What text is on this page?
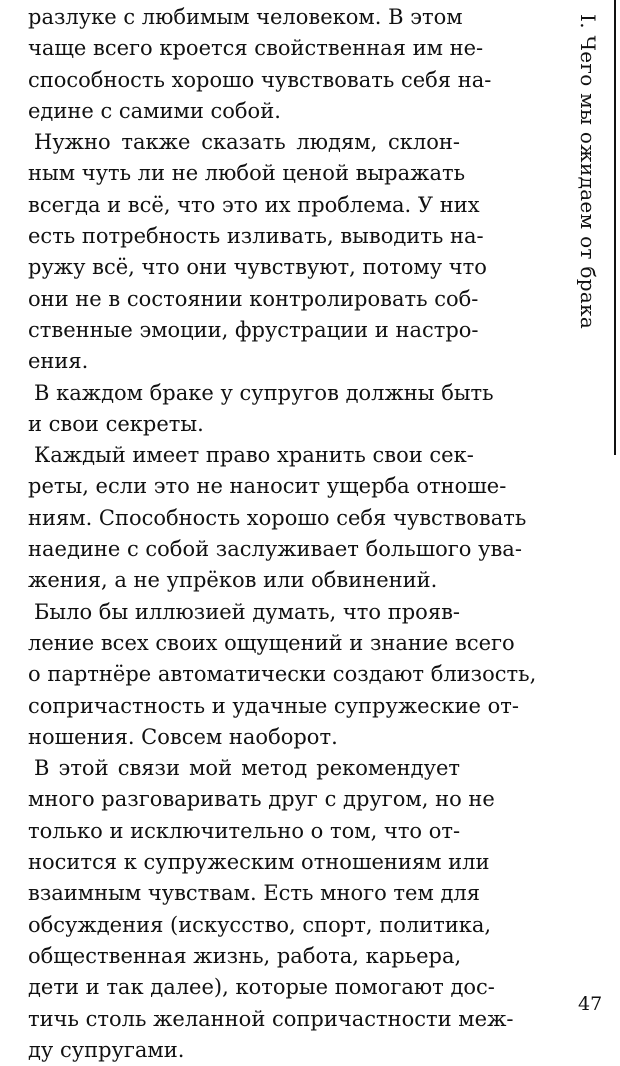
разлуке с любимым человеком. В этом
чаще всего кроется свойственная им не-
способность хорошо чувствовать себя на-
едине с самими собой.
Нужно также сказать людям, склон-
ным чуть ли не любой ценой выражать
всегда и всё, что это их проблема. У них
есть потребность изливать, выводить на-
ружу всё, что они чувствуют, потому что
они не в состоянии контролировать соб-
ственные эмоции, фрустрации и настро-
ения.
В каждом браке у супругов должны быть
и свои секреты.
Каждый имеет право хранить свои сек-
реты, если это не наносит ущерба отноше-
ниям. Способность хорошо себя чувствовать
наедине с собой заслуживает большого ува-
жения, а не упрёков или обвинений.
Было бы иллюзией думать, что прояв-
ление всех своих ощущений и знание всего
о партнёре автоматически создают близость,
сопричастность и удачные супружеские от-
ношения. Совсем наоборот.
В этой связи мой метод рекомендует
много разговаривать друг с другом, но не
только и исключительно о том, что от-
носится к супружеским отношениям или
взаимным чувствам. Есть много тем для
обсуждения (искусство, спорт, политика,
общественная жизнь, работа, карьера,
дети и так далее), которые помогают дос-
тичь столь желанной сопричастности меж-
ду супругами.
I. Чего мы ожидаем от брака
47
